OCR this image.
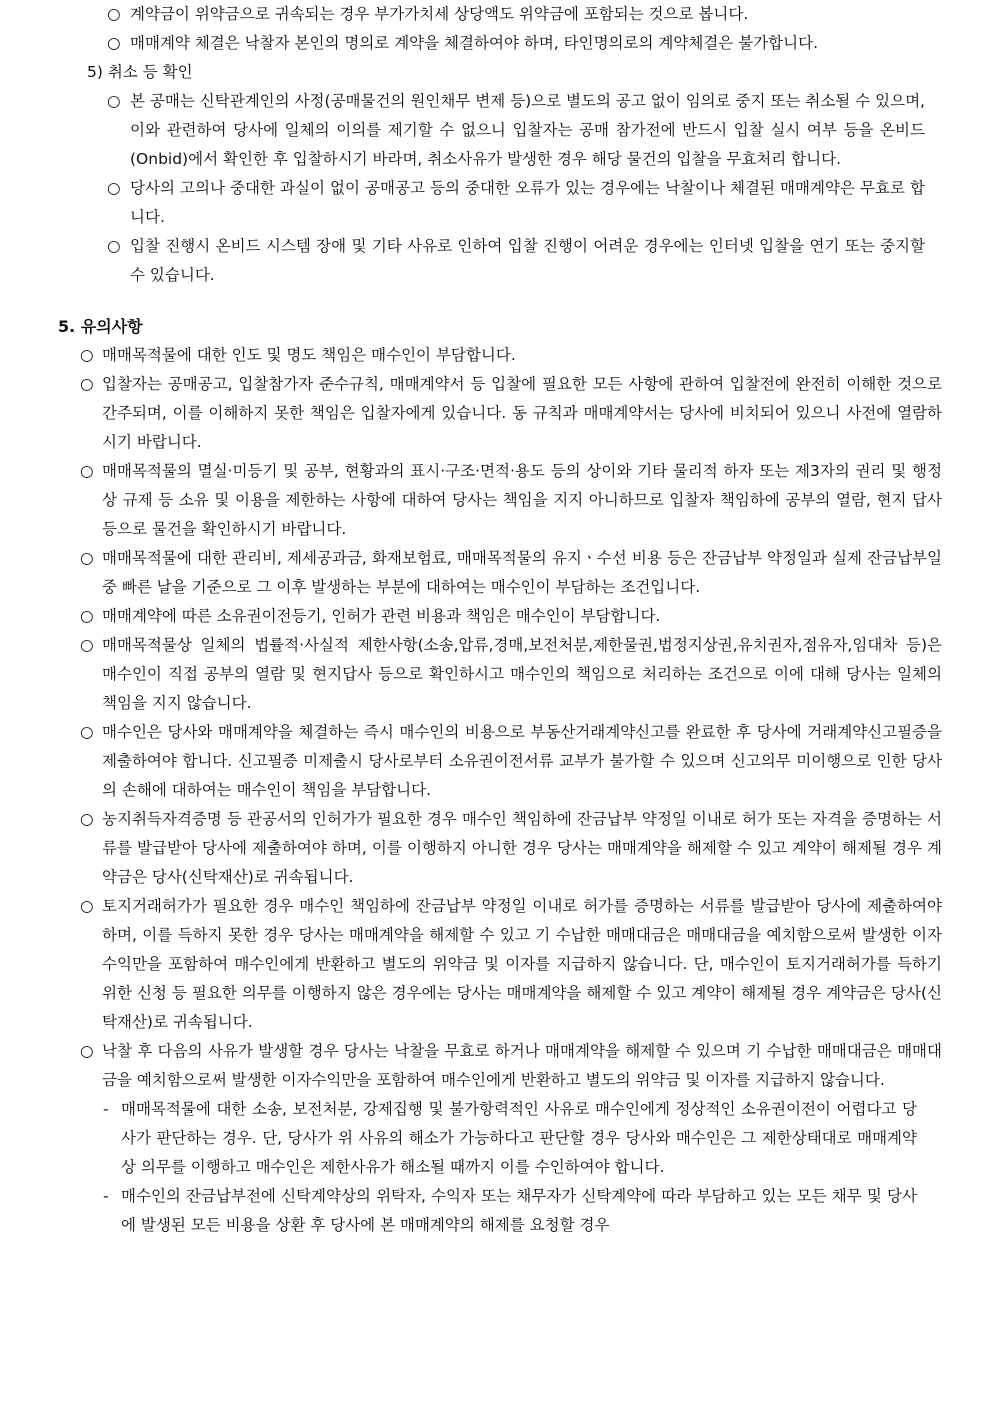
○ 계약금이 위약금으로 귀속되는 경우 부가가치세 상당액도 위약금에 포함되는 것으로 봅니다.
○ 매매계약 체결은 낙찰자 본인의 명의로 계약을 체결하여야 하며, 타인명의로의 계약체결은 불가합니다.
5) 취소 등 확인
○ 본 공매는 신탁관계인의 사정(공매물건의 원인채무 변제 등)으로 별도의 공고 없이 임의로 중지 또는 취소될 수 있으며, 이와 관련하여 당사에 일체의 이의를 제기할 수 없으니 입찰자는 공매 참가전에 반드시 입찰 실시 여부 등을 온비드(Onbid)에서 확인한 후 입찰하시기 바라며, 취소사유가 발생한 경우 해당 물건의 입찰을 무효처리 합니다.
○ 당사의 고의나 중대한 과실이 없이 공매공고 등의 중대한 오류가 있는 경우에는 낙찰이나 체결된 매매계약은 무효로 합니다.
○ 입찰 진행시 온비드 시스템 장애 및 기타 사유로 인하여 입찰 진행이 어려운 경우에는 인터넷 입찰을 연기 또는 중지할 수 있습니다.
5. 유의사항
○ 매매목적물에 대한 인도 및 명도 책임은 매수인이 부담합니다.
○ 입찰자는 공매공고, 입찰참가자 준수규칙, 매매계약서 등 입찰에 필요한 모든 사항에 관하여 입찰전에 완전히 이해한 것으로 간주되며, 이를 이해하지 못한 책임은 입찰자에게 있습니다. 동 규칙과 매매계약서는 당사에 비치되어 있으니 사전에 열람하시기 바랍니다.
○ 매매목적물의 멸실·미등기 및 공부, 현황과의 표시·구조·면적·용도 등의 상이와 기타 물리적 하자 또는 제3자의 권리 및 행정상 규제 등 소유 및 이용을 제한하는 사항에 대하여 당사는 책임을 지지 아니하므로 입찰자 책임하에 공부의 열람, 현지 답사 등으로 물건을 확인하시기 바랍니다.
○ 매매목적물에 대한 관리비, 제세공과금, 화재보험료, 매매목적물의 유지ㆍ수선 비용 등은 잔금납부 약정일과 실제 잔금납부일 중 빠른 날을 기준으로 그 이후 발생하는 부분에 대하여는 매수인이 부담하는 조건입니다.
○ 매매계약에 따른 소유권이전등기, 인허가 관련 비용과 책임은 매수인이 부담합니다.
○ 매매목적물상 일체의 법률적·사실적 제한사항(소송,압류,경매,보전처분,제한물권,법정지상권,유치권자,점유자,임대차 등)은 매수인이 직접 공부의 열람 및 현지답사 등으로 확인하시고 매수인의 책임으로 처리하는 조건으로 이에 대해 당사는 일체의 책임을 지지 않습니다.
○ 매수인은 당사와 매매계약을 체결하는 즉시 매수인의 비용으로 부동산거래계약신고를 완료한 후 당사에 거래계약신고필증을 제출하여야 합니다. 신고필증 미제출시 당사로부터 소유권이전서류 교부가 불가할 수 있으며 신고의무 미이행으로 인한 당사의 손해에 대하여는 매수인이 책임을 부담합니다.
○ 농지취득자격증명 등 관공서의 인허가가 필요한 경우 매수인 책임하에 잔금납부 약정일 이내로 허가 또는 자격을 증명하는 서류를 발급받아 당사에 제출하여야 하며, 이를 이행하지 아니한 경우 당사는 매매계약을 해제할 수 있고 계약이 해제될 경우 계약금은 당사(신탁재산)로 귀속됩니다.
○ 토지거래허가가 필요한 경우 매수인 책임하에 잔금납부 약정일 이내로 허가를 증명하는 서류를 발급받아 당사에 제출하여야 하며, 이를 득하지 못한 경우 당사는 매매계약을 해제할 수 있고 기 수납한 매매대금은 매매대금을 예치함으로써 발생한 이자수익만을 포함하여 매수인에게 반환하고 별도의 위약금 및 이자를 지급하지 않습니다. 단, 매수인이 토지거래허가를 득하기 위한 신청 등 필요한 의무를 이행하지 않은 경우에는 당사는 매매계약을 해제할 수 있고 계약이 해제될 경우 계약금은 당사(신탁재산)로 귀속됩니다.
○ 낙찰 후 다음의 사유가 발생할 경우 당사는 낙찰을 무효로 하거나 매매계약을 해제할 수 있으며 기 수납한 매매대금은 매매대금을 예치함으로써 발생한 이자수익만을 포함하여 매수인에게 반환하고 별도의 위약금 및 이자를 지급하지 않습니다.
- 매매목적물에 대한 소송, 보전처분, 강제집행 및 불가항력적인 사유로 매수인에게 정상적인 소유권이전이 어렵다고 당사가 판단하는 경우. 단, 당사가 위 사유의 해소가 가능하다고 판단할 경우 당사와 매수인은 그 제한상태대로 매매계약상 의무를 이행하고 매수인은 제한사유가 해소될 때까지 이를 수인하여야 합니다.
- 매수인의 잔금납부전에 신탁계약상의 위탁자, 수익자 또는 채무자가 신탁계약에 따라 부담하고 있는 모든 채무 및 당사에 발생된 모든 비용을 상환 후 당사에 본 매매계약의 해제를 요청할 경우
